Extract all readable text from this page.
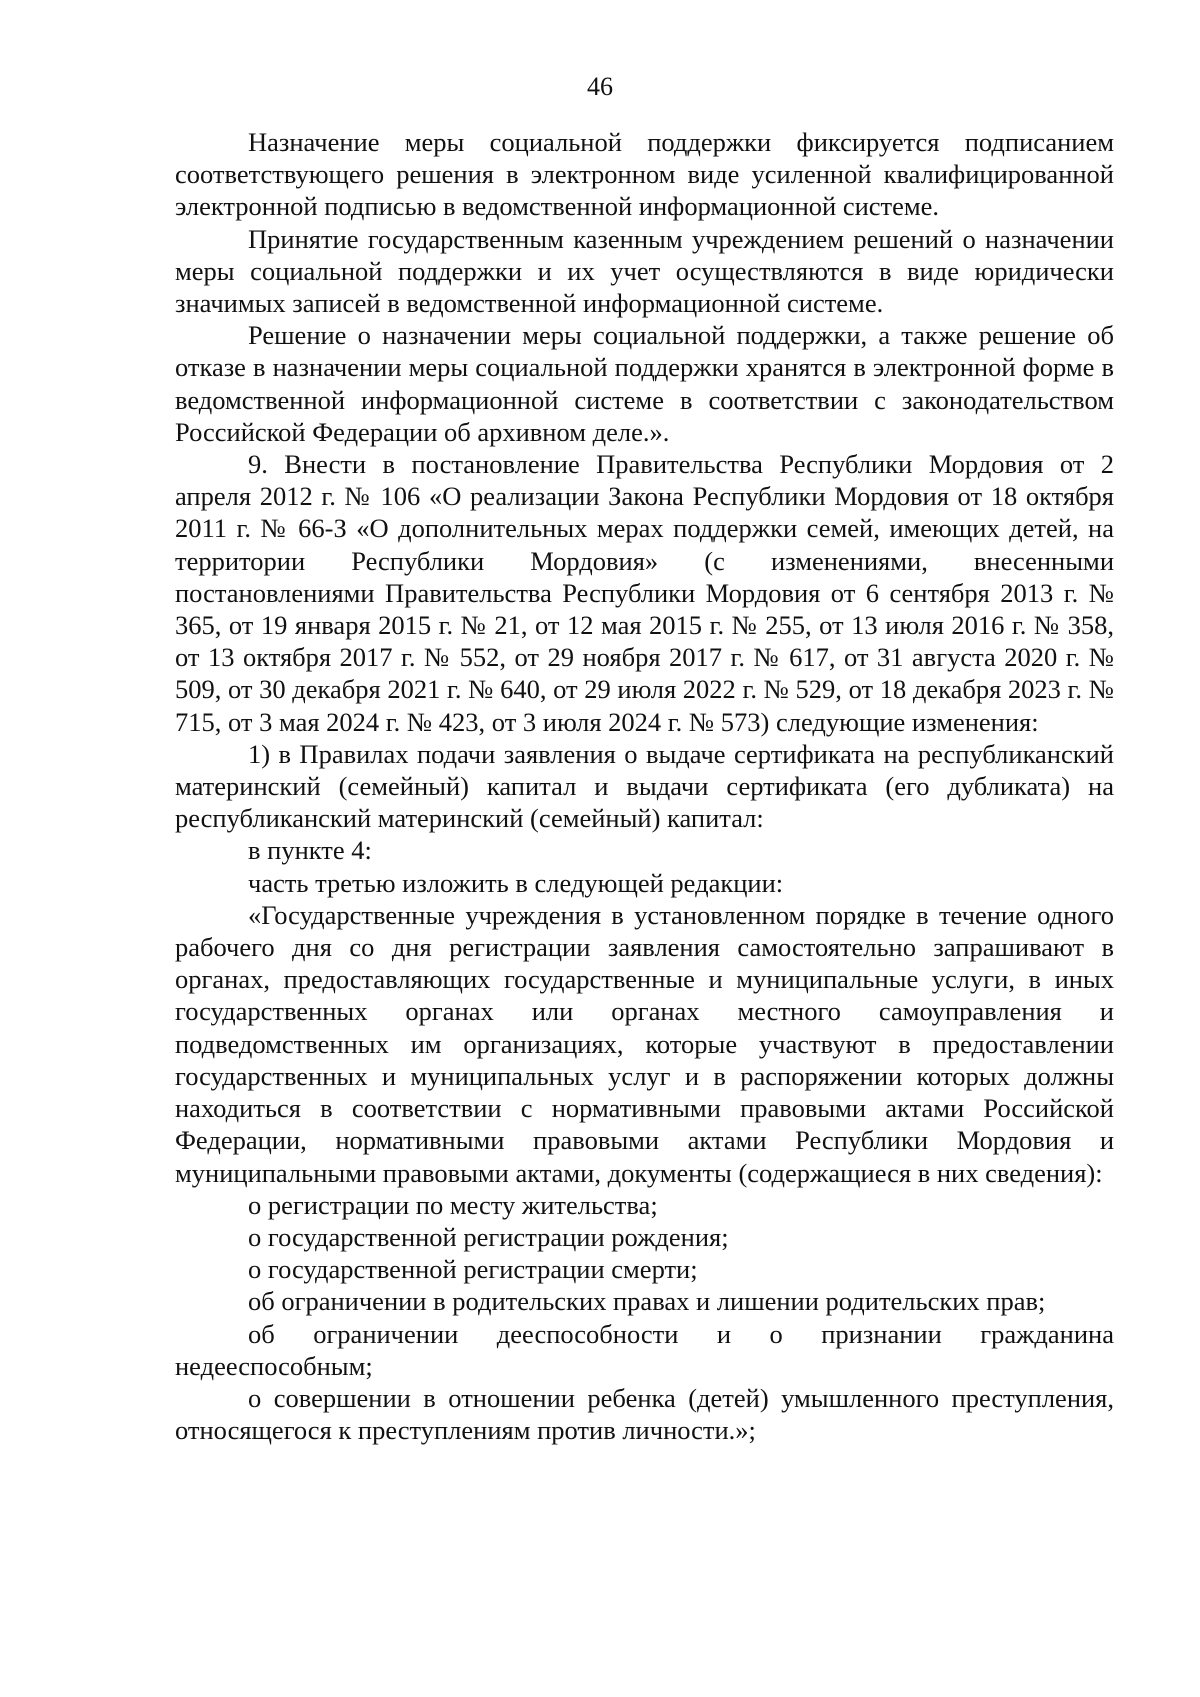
46

Назначение меры социальной поддержки фиксируется подписанием соответствующего решения в электронном виде усиленной квалифицированной электронной подписью в ведомственной информационной системе.

Принятие государственным казенным учреждением решений о назначении меры социальной поддержки и их учет осуществляются в виде юридически значимых записей в ведомственной информационной системе.

Решение о назначении меры социальной поддержки, а также решение об отказе в назначении меры социальной поддержки хранятся в электронной форме в ведомственной информационной системе в соответствии с законодательством Российской Федерации об архивном деле.».

9. Внести в постановление Правительства Республики Мордовия от 2 апреля 2012 г. № 106 «О реализации Закона Республики Мордовия от 18 октября 2011 г. № 66-З «О дополнительных мерах поддержки семей, имеющих детей, на территории Республики Мордовия» (с изменениями, внесенными постановлениями Правительства Республики Мордовия от 6 сентября 2013 г. № 365, от 19 января 2015 г. № 21, от 12 мая 2015 г. № 255, от 13 июля 2016 г. № 358, от 13 октября 2017 г. № 552, от 29 ноября 2017 г. № 617, от 31 августа 2020 г. № 509, от 30 декабря 2021 г. № 640, от 29 июля 2022 г. № 529, от 18 декабря 2023 г. № 715, от 3 мая 2024 г. № 423, от 3 июля 2024 г. № 573) следующие изменения:

1) в Правилах подачи заявления о выдаче сертификата на республиканский материнский (семейный) капитал и выдачи сертификата (его дубликата) на республиканский материнский (семейный) капитал:

в пункте 4:

часть третью изложить в следующей редакции:

«Государственные учреждения в установленном порядке в течение одного рабочего дня со дня регистрации заявления самостоятельно запрашивают в органах, предоставляющих государственные и муниципальные услуги, в иных государственных органах или органах местного самоуправления и подведомственных им организациях, которые участвуют в предоставлении государственных и муниципальных услуг и в распоряжении которых должны находиться в соответствии с нормативными правовыми актами Российской Федерации, нормативными правовыми актами Республики Мордовия и муниципальными правовыми актами, документы (содержащиеся в них сведения):

о регистрации по месту жительства;

о государственной регистрации рождения;

о государственной регистрации смерти;

об ограничении в родительских правах и лишении родительских прав;

об ограничении дееспособности и о признании гражданина недееспособным;

о совершении в отношении ребенка (детей) умышленного преступления, относящегося к преступлениям против личности.»;
